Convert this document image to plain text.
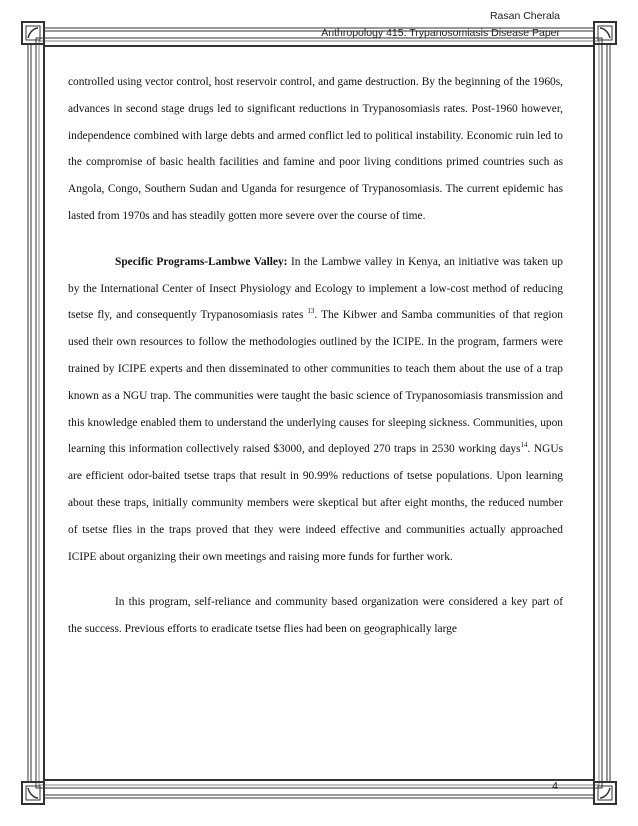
Rasan Cherala
Anthropology 415: Trypanosomiasis Disease Paper

controlled using vector control, host reservoir control, and game destruction. By the beginning of the 1960s, advances in second stage drugs led to significant reductions in Trypanosomiasis rates. Post-1960 however, independence combined with large debts and armed conflict led to political instability. Economic ruin led to the compromise of basic health facilities and famine and poor living conditions primed countries such as Angola, Congo, Southern Sudan and Uganda for resurgence of Trypanosomiasis. The current epidemic has lasted from 1970s and has steadily gotten more severe over the course of time.

Specific Programs-Lambwe Valley: In the Lambwe valley in Kenya, an initiative was taken up by the International Center of Insect Physiology and Ecology to implement a low-cost method of reducing tsetse fly, and consequently Trypanosomiasis rates $^{13}$. The Kibwer and Samba communities of that region used their own resources to follow the methodologies outlined by the ICIPE. In the program, farmers were trained by ICIPE experts and then disseminated to other communities to teach them about the use of a trap known as a NGU trap. The communities were taught the basic science of Trypanosomiasis transmission and this knowledge enabled them to understand the underlying causes for sleeping sickness. Communities, upon learning this information collectively raised $3000, and deployed 270 traps in 2530 working days$^{14}$. NGUs are efficient odor-baited tsetse traps that result in 90.99% reductions of tsetse populations. Upon learning about these traps, initially community members were skeptical but after eight months, the reduced number of tsetse flies in the traps proved that they were indeed effective and communities actually approached ICIPE about organizing their own meetings and raising more funds for further work.

In this program, self-reliance and community based organization were considered a key part of the success. Previous efforts to eradicate tsetse flies had been on geographically large

4
